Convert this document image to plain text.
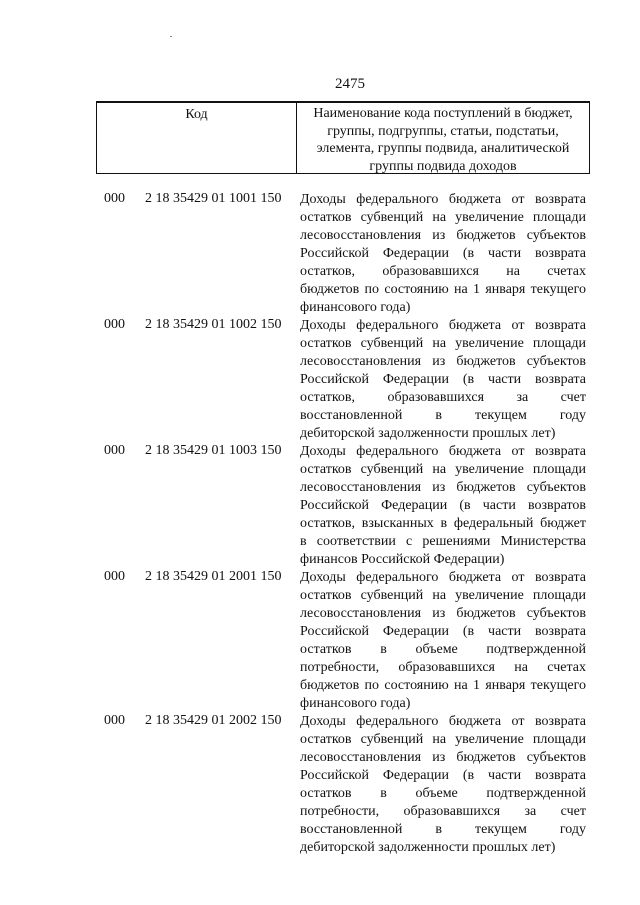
2475
Код	Наименование кода поступлений в бюджет, группы, подгруппы, статьи, подстатьи, элемента, группы подвида, аналитической группы подвида доходов
000 2 18 35429 01 1001 150 Доходы федерального бюджета от возврата
остатков субвенций на увеличение площади
лесовосстановления из бюджетов субъектов
Российской Федерации (в части возврата
остатков, образовавшихся на счетах
бюджетов по состоянию на 1 января текущего
финансового года)
000 2 18 35429 01 1002 150 Доходы федерального бюджета от возврата
остатков субвенций на увеличение площади
лесовосстановления из бюджетов субъектов
Российской Федерации (в части возврата
остатков, образовавшихся за счет
восстановленной в текущем году
дебиторской задолженности прошлых лет)
000 2 18 35429 01 1003 150 Доходы федерального бюджета от возврата
остатков субвенций на увеличение площади
лесовосстановления из бюджетов субъектов
Российской Федерации (в части возвратов
остатков, взысканных в федеральный бюджет
в соответствии с решениями Министерства
финансов Российской Федерации)
000 2 18 35429 01 2001 150 Доходы федерального бюджета от возврата
остатков субвенций на увеличение площади
лесовосстановления из бюджетов субъектов
Российской Федерации (в части возврата
остатков в объеме подтвержденной
потребности, образовавшихся на счетах
бюджетов по состоянию на 1 января текущего
финансового года)
000 2 18 35429 01 2002 150 Доходы федерального бюджета от возврата
остатков субвенций на увеличение площади
лесовосстановления из бюджетов субъектов
Российской Федерации (в части возврата
остатков в объеме подтвержденной
потребности, образовавшихся за счет
восстановленной в текущем году
дебиторской задолженности прошлых лет)
